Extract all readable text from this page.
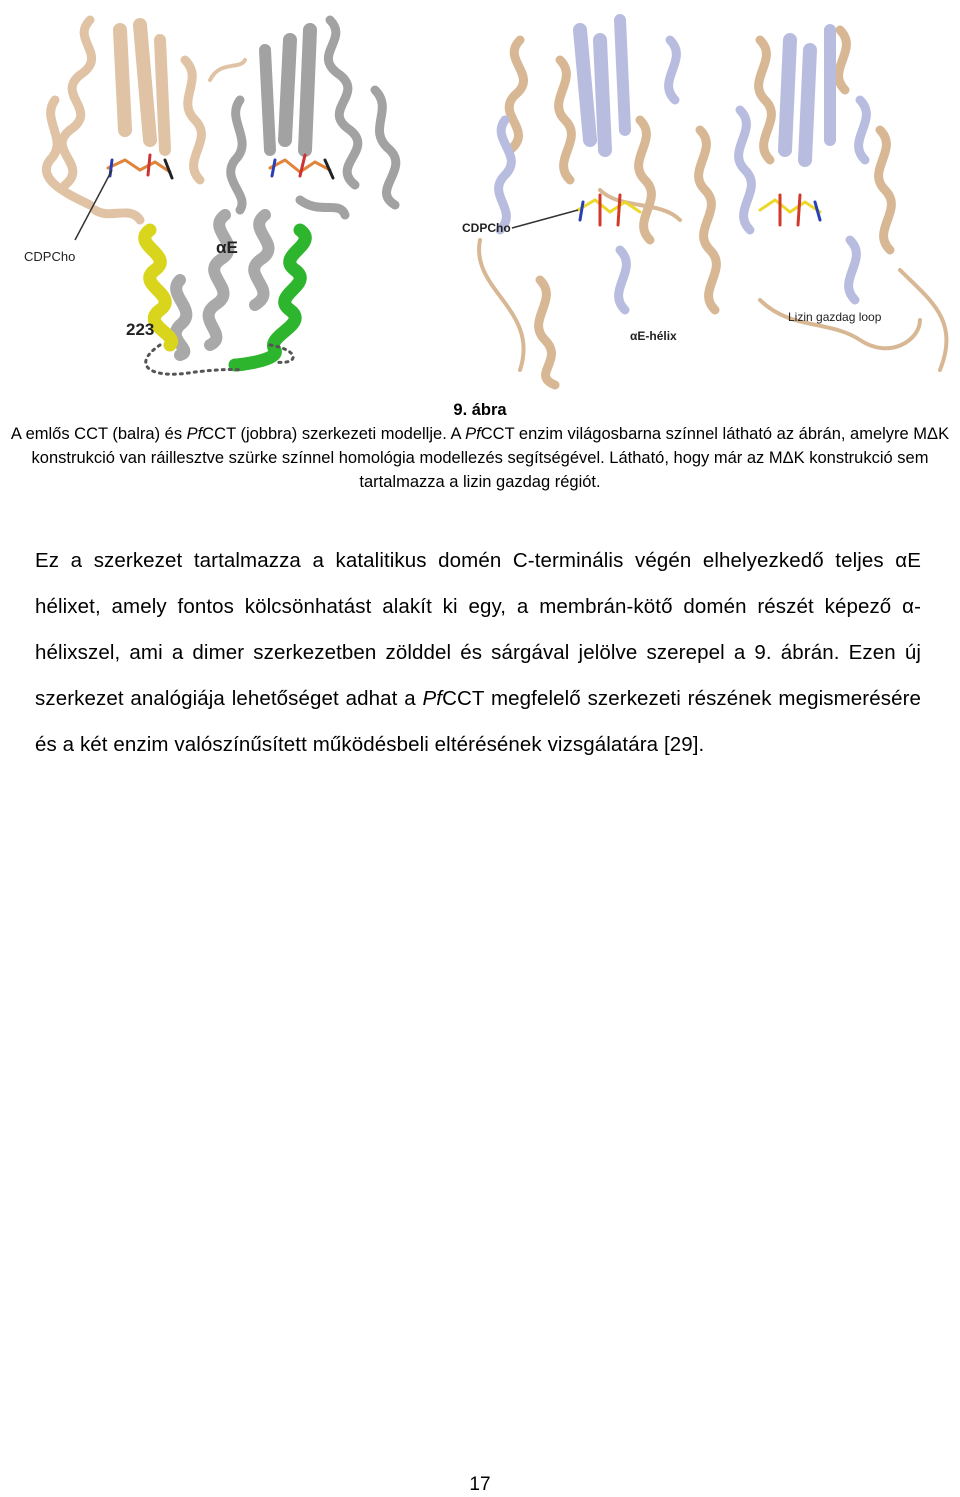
CDPCho	αE
223
CDPCho
αE-hélix
Lizin gazdag loop
9. ábra
A emlős CCT (balra) és PfCCT (jobbra) szerkezeti modellje. A PfCCT enzim világosbarna színnel látható az ábrán, amelyre MΔK
konstrukció van ráillesztve szürke színnel homológia modellezés segítségével. Látható, hogy már az MΔK konstrukció sem
tartalmazza a lizin gazdag régiót.
Ez a szerkezet tartalmazza a katalitikus domén C-terminális végén elhelyezkedő teljes αE hélixet, amely fontos kölcsönhatást alakít ki egy, a membrán-kötő domén részét képező α-hélixszel, ami a dimer szerkezetben zölddel és sárgával jelölve szerepel a 9. ábrán. Ezen új szerkezet analógiája lehetőséget adhat a PfCCT megfelelő szerkezeti részének megismerésére és a két enzim valószínűsített működésbeli eltérésének vizsgálatára [29].
17
